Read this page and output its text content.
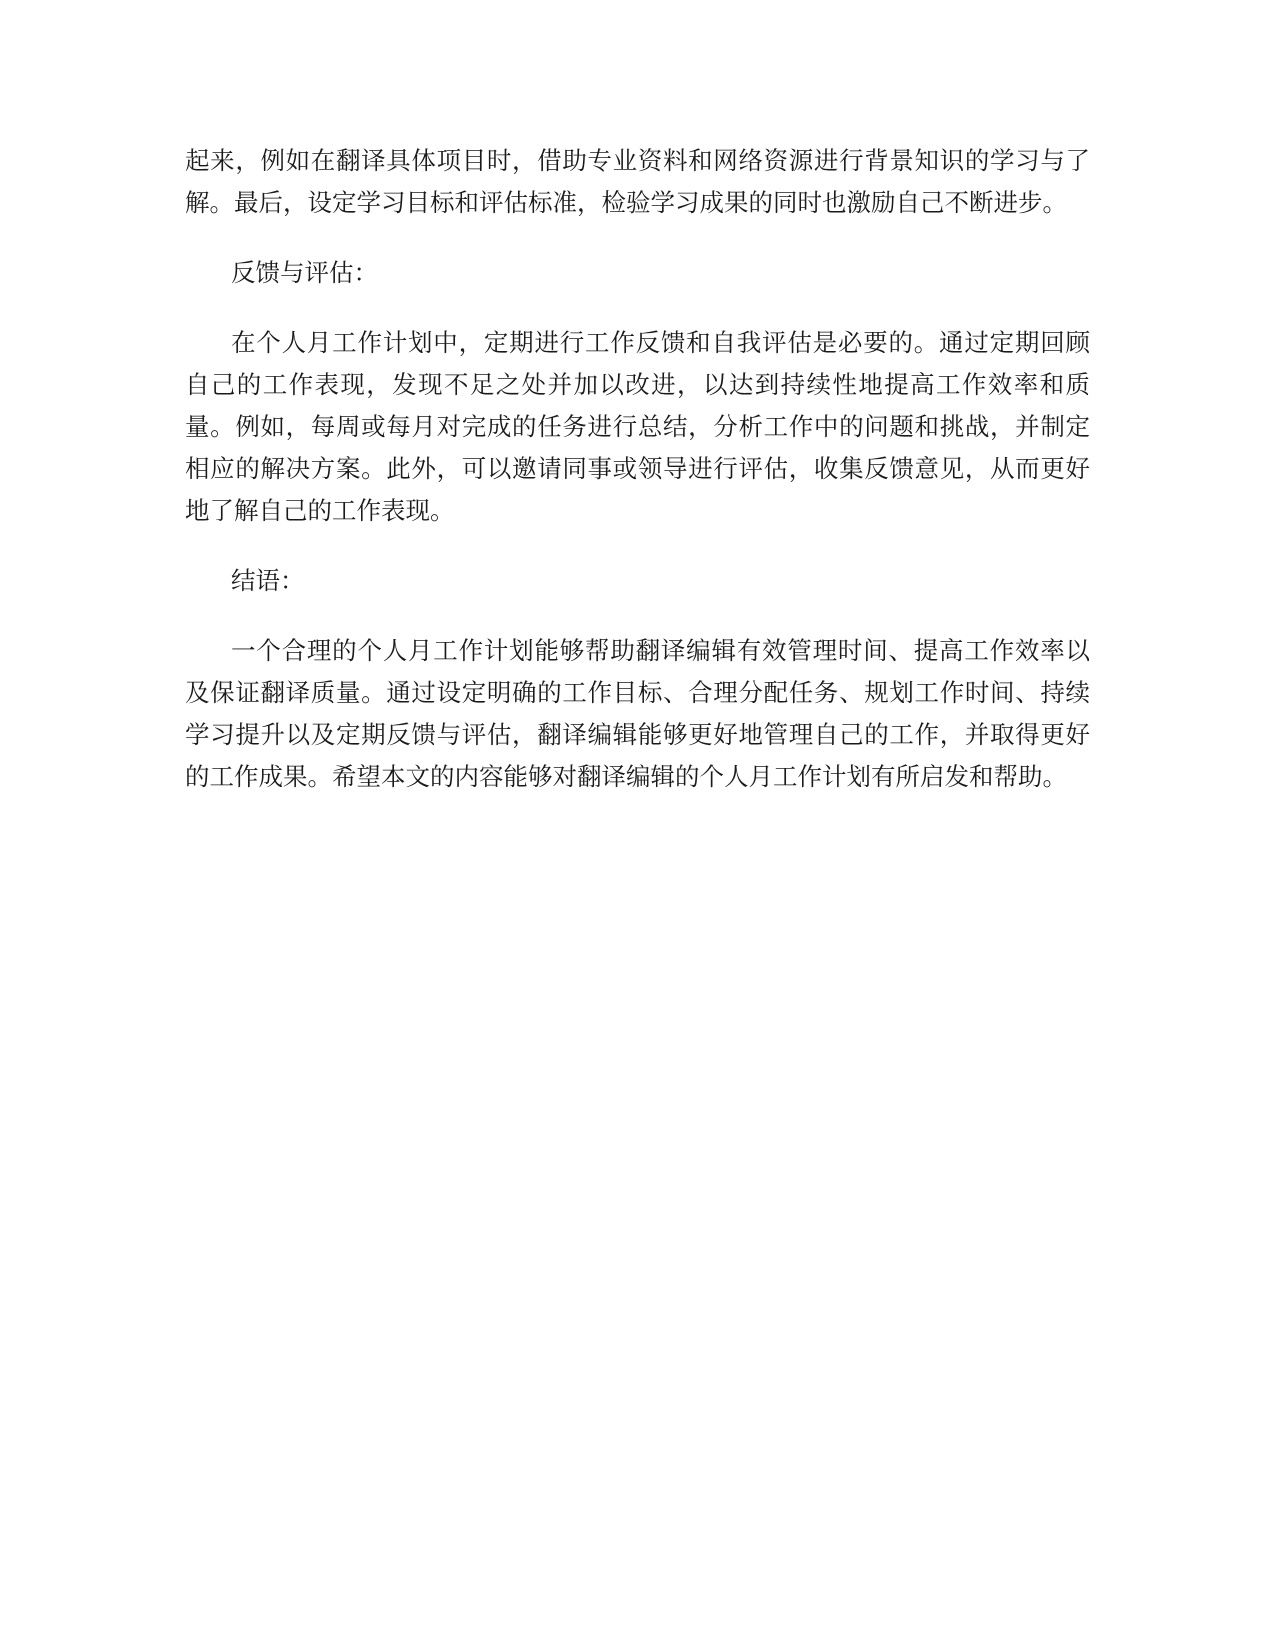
起来，例如在翻译具体项目时，借助专业资料和网络资源进行背景知识的学习与了
解。最后，设定学习目标和评估标准，检验学习成果的同时也激励自己不断进步。
反馈与评估：
在个人月工作计划中，定期进行工作反馈和自我评估是必要的。通过定期回顾
自己的工作表现，发现不足之处并加以改进，以达到持续性地提高工作效率和质
量。例如，每周或每月对完成的任务进行总结，分析工作中的问题和挑战，并制定
相应的解决方案。此外，可以邀请同事或领导进行评估，收集反馈意见，从而更好
地了解自己的工作表现。
结语：
一个合理的个人月工作计划能够帮助翻译编辑有效管理时间、提高工作效率以
及保证翻译质量。通过设定明确的工作目标、合理分配任务、规划工作时间、持续
学习提升以及定期反馈与评估，翻译编辑能够更好地管理自己的工作，并取得更好
的工作成果。希望本文的内容能够对翻译编辑的个人月工作计划有所启发和帮助。
